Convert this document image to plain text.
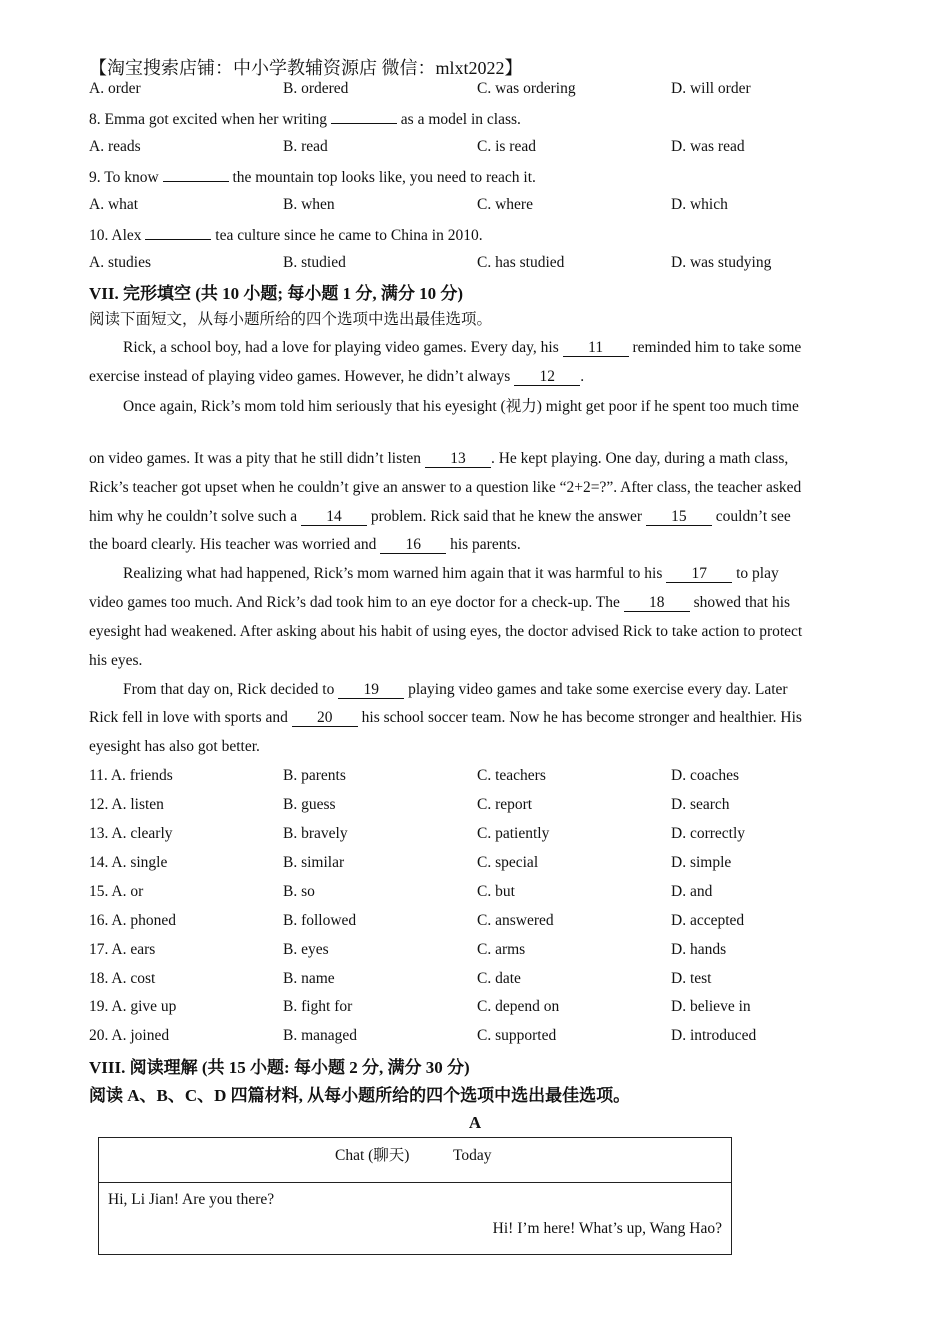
【淘宝搜索店铺：中小学教辅资源店 微信：mlxt2022】
A. order	B. ordered	C. was ordering	D. will order
8. Emma got excited when her writing	as a model in class.
A. reads	B. read	C. is read	D. was read
9. To know	the mountain top looks like, you need to reach it.
A. what	B. when	C. where	D. which
10. Alex	tea culture since he came to China in 2010.
A. studies	B. studied	C. has studied	D. was studying
VII. 完形填空 (共 10 小题; 每小题 1 分, 满分 10 分)
阅读下面短文，从每小题所给的四个选项中选出最佳选项。
Rick, a school boy, had a love for playing video games. Every day, his 11 reminded him to take some
exercise instead of playing video games. However, he didn’t always 12 .
Once again, Rick’s mom told him seriously that his eyesight (视力) might get poor if he spent too much time
on video games. It was a pity that he still didn’t listen 13 . He kept playing. One day, during a math class,
Rick’s teacher got upset when he couldn’t give an answer to a question like “2+2=?”. After class, the teacher asked
him why he couldn’t solve such a 14 problem. Rick said that he knew the answer 15 couldn’t see
the board clearly. His teacher was worried and 16 his parents.
Realizing what had happened, Rick’s mom warned him again that it was harmful to his 17 to play
video games too much. And Rick’s dad took him to an eye doctor for a check-up. The 18 showed that his
eyesight had weakened. After asking about his habit of using eyes, the doctor advised Rick to take action to protect
his eyes.
From that day on, Rick decided to 19 playing video games and take some exercise every day. Later
Rick fell in love with sports and 20 his school soccer team. Now he has become stronger and healthier. His
eyesight has also got better.
11. A. friends	B. parents	C. teachers	D. coaches
12. A. listen	B. guess	C. report	D. search
13. A. clearly	B. bravely	C. patiently	D. correctly
14. A. single	B. similar	C. special	D. simple
15. A. or	B. so	C. but	D. and
16. A. phoned	B. followed	C. answered	D. accepted
17. A. ears	B. eyes	C. arms	D. hands
18. A. cost	B. name	C. date	D. test
19. A. give up	B. fight for	C. depend on	D. believe in
20. A. joined	B. managed	C. supported	D. introduced
VIII. 阅读理解 (共 15 小题: 每小题 2 分, 满分 30 分)
阅读 A、B、C、D 四篇材料, 从每小题所给的四个选项中选出最佳选项。
A
Chat (聊天)	Today
Hi, Li Jian! Are you there?
Hi! I’m here! What’s up, Wang Hao?
